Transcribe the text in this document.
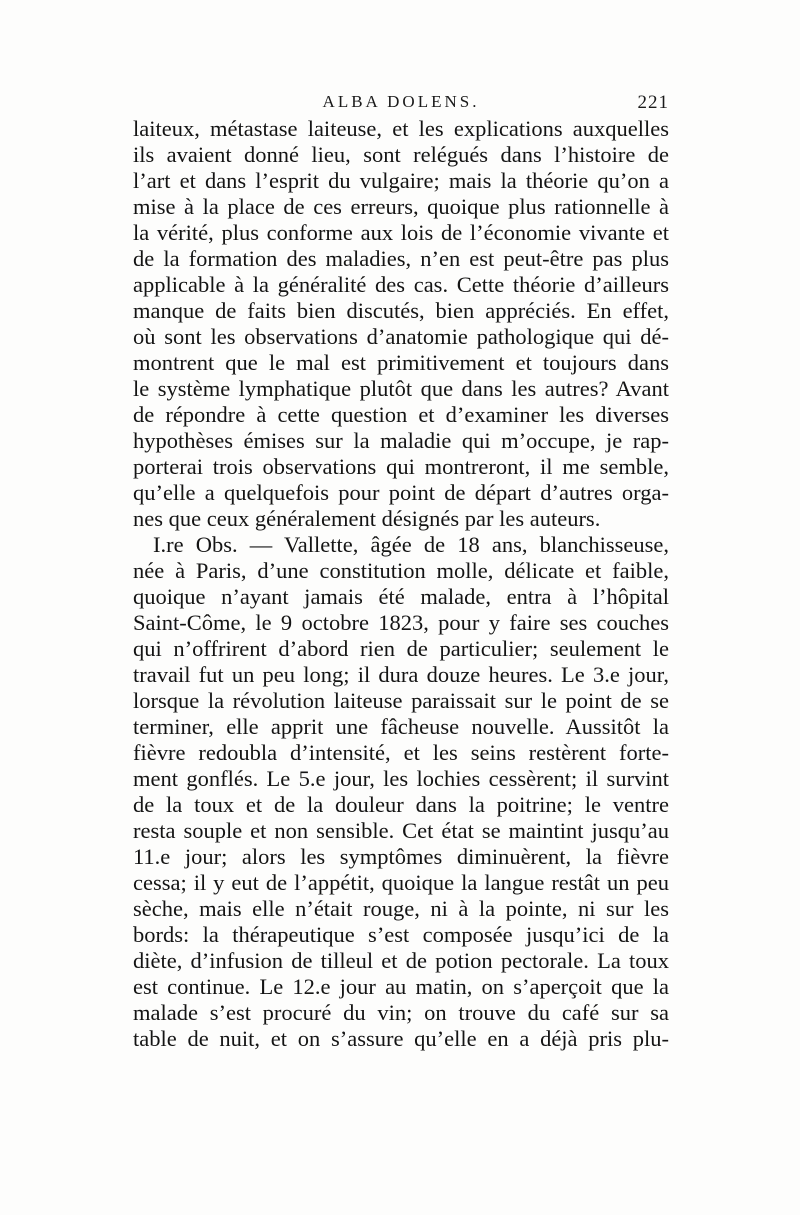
ALBA DOLENS.	221
laiteux, métastase laiteuse, et les explications auxquelles
ils avaient donné lieu, sont relégués dans l’histoire de
l’art et dans l’esprit du vulgaire; mais la théorie qu’on a
mise à la place de ces erreurs, quoique plus rationnelle à
la vérité, plus conforme aux lois de l’économie vivante et
de la formation des maladies, n’en est peut-être pas plus
applicable à la généralité des cas. Cette théorie d’ailleurs
manque de faits bien discutés, bien appréciés. En effet,
où sont les observations d’anatomie pathologique qui dé-
montrent que le mal est primitivement et toujours dans
le système lymphatique plutôt que dans les autres? Avant
de répondre à cette question et d’examiner les diverses
hypothèses émises sur la maladie qui m’occupe, je rap-
porterai trois observations qui montreront, il me semble,
qu’elle a quelquefois pour point de départ d’autres orga-
nes que ceux généralement désignés par les auteurs.
I.re Obs. — Vallette, âgée de 18 ans, blanchisseuse,
née à Paris, d’une constitution molle, délicate et faible,
quoique n’ayant jamais été malade, entra à l’hôpital
Saint-Côme, le 9 octobre 1823, pour y faire ses couches
qui n’offrirent d’abord rien de particulier; seulement le
travail fut un peu long; il dura douze heures. Le 3.e jour,
lorsque la révolution laiteuse paraissait sur le point de se
terminer, elle apprit une fâcheuse nouvelle. Aussitôt la
fièvre redoubla d’intensité, et les seins restèrent forte-
ment gonflés. Le 5.e jour, les lochies cessèrent; il survint
de la toux et de la douleur dans la poitrine; le ventre
resta souple et non sensible. Cet état se maintint jusqu’au
11.e jour; alors les symptômes diminuèrent, la fièvre
cessa; il y eut de l’appétit, quoique la langue restât un peu
sèche, mais elle n’était rouge, ni à la pointe, ni sur les
bords: la thérapeutique s’est composée jusqu’ici de la
diète, d’infusion de tilleul et de potion pectorale. La toux
est continue. Le 12.e jour au matin, on s’aperçoit que la
malade s’est procuré du vin; on trouve du café sur sa
table de nuit, et on s’assure qu’elle en a déjà pris plu-
